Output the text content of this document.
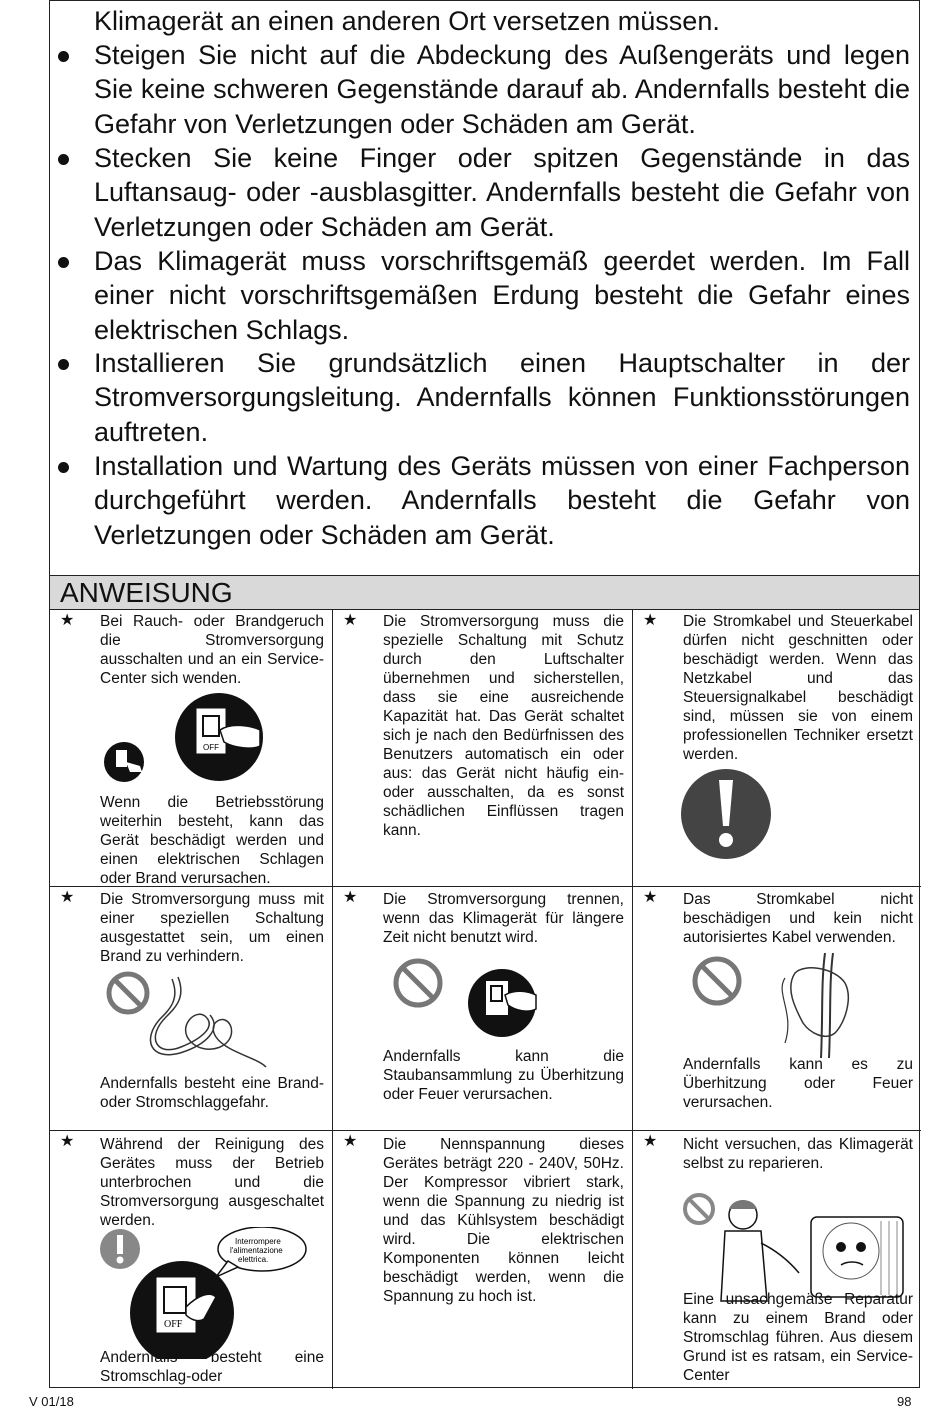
Klimagerät an einen anderen Ort versetzen müssen.

Steigen Sie nicht auf die Abdeckung des Außengeräts und legen Sie keine schweren Gegenstände darauf ab. Andernfalls besteht die Gefahr von Verletzungen oder Schäden am Gerät.
Stecken Sie keine Finger oder spitzen Gegenstände in das Luftansaug- oder -ausblasgitter. Andernfalls besteht die Gefahr von Verletzungen oder Schäden am Gerät.
Das Klimagerät muss vorschriftsgemäß geerdet werden. Im Fall einer nicht vorschriftsgemäßen Erdung besteht die Gefahr eines elektrischen Schlags.
Installieren Sie grundsätzlich einen Hauptschalter in der Stromversorgungsleitung. Andernfalls können Funktionsstörungen auftreten.
Installation und Wartung des Geräts müssen von einer Fachperson durchgeführt werden. Andernfalls besteht die Gefahr von Verletzungen oder Schäden am Gerät.
ANWEISUNG
★ Bei Rauch- oder Brandgeruch die Stromversorgung ausschalten und an ein Service-Center sich wenden.
OFF
Wenn die Betriebsstörung weiterhin besteht, kann das Gerät beschädigt werden und einen elektrischen Schlagen oder Brand verursachen.
★ Die Stromversorgung muss die spezielle Schaltung mit Schutz durch den Luftschalter übernehmen und sicherstellen, dass sie eine ausreichende Kapazität hat. Das Gerät schaltet sich je nach den Bedürfnissen des Benutzers automatisch ein oder aus: das Gerät nicht häufig ein- oder ausschalten, da es sonst schädlichen Einflüssen tragen kann.
★ Die Stromkabel und Steuerkabel dürfen nicht geschnitten oder beschädigt werden. Wenn das Netzkabel und das Steuersignalkabel beschädigt sind, müssen sie von einem professionellen Techniker ersetzt werden.
★ Die Stromversorgung muss mit einer speziellen Schaltung ausgestattet sein, um einen Brand zu verhindern.
Andernfalls besteht eine Brand- oder Stromschlaggefahr.
★ Die Stromversorgung trennen, wenn das Klimagerät für längere Zeit nicht benutzt wird.
Andernfalls kann die Staubansammlung zu Überhitzung oder Feuer verursachen.
★ Das Stromkabel nicht beschädigen und kein nicht autorisiertes Kabel verwenden.
Andernfalls kann es zu Überhitzung oder Feuer verursachen.
★ Während der Reinigung des Gerätes muss der Betrieb unterbrochen und die Stromversorgung ausgeschaltet werden.
Interrompere l'alimentazione elettrica.
OFF
Andernfalls besteht eine Stromschlag-oder
★ Die Nennspannung dieses Gerätes beträgt 220 - 240V, 50Hz. Der Kompressor vibriert stark, wenn die Spannung zu niedrig ist und das Kühlsystem beschädigt wird. Die elektrischen Komponenten können leicht beschädigt werden, wenn die Spannung zu hoch ist.
★ Nicht versuchen, das Klimagerät selbst zu reparieren.
Eine unsachgemäße Reparatur kann zu einem Brand oder Stromschlag führen. Aus diesem Grund ist es ratsam, ein Service-Center
V 01/18	98
